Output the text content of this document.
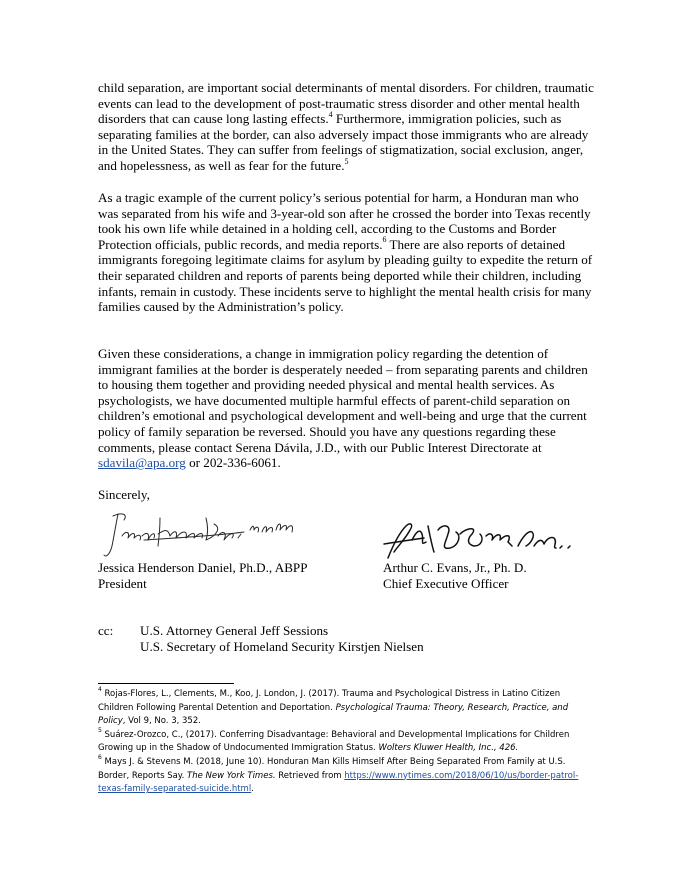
child separation, are important social determinants of mental disorders. For children, traumatic events can lead to the development of post-traumatic stress disorder and other mental health disorders that can cause long lasting effects.$^4$ Furthermore, immigration policies, such as separating families at the border, can also adversely impact those immigrants who are already in the United States. They can suffer from feelings of stigmatization, social exclusion, anger, and hopelessness, as well as fear for the future.$^5$

As a tragic example of the current policy’s serious potential for harm, a Honduran man who was separated from his wife and 3-year-old son after he crossed the border into Texas recently took his own life while detained in a holding cell, according to the Customs and Border Protection officials, public records, and media reports.$^6$ There are also reports of detained immigrants foregoing legitimate claims for asylum by pleading guilty to expedite the return of their separated children and reports of parents being deported while their children, including infants, remain in custody. These incidents serve to highlight the mental health crisis for many families caused by the Administration’s policy.

Given these considerations, a change in immigration policy regarding the detention of immigrant families at the border is desperately needed – from separating parents and children to housing them together and providing needed physical and mental health services. As psychologists, we have documented multiple harmful effects of parent-child separation on children’s emotional and psychological development and well-being and urge that the current policy of family separation be reversed. Should you have any questions regarding these comments, please contact Serena Dávila, J.D., with our Public Interest Directorate at sdavila@apa.org or 202-336-6061.

Sincerely,
Jessica Henderson Daniel, Ph.D., ABPP
President
Arthur C. Evans, Jr., Ph. D.
Chief Executive Officer
cc: U.S. Attorney General Jeff Sessions
U.S. Secretary of Homeland Security Kirstjen Nielsen

$^4$ Rojas-Flores, L., Clements, M., Koo, J. London, J. (2017). Trauma and Psychological Distress in Latino Citizen Children Following Parental Detention and Deportation. Psychological Trauma: Theory, Research, Practice, and Policy, Vol 9, No. 3, 352.

$^5$ Suárez-Orozco, C., (2017). Conferring Disadvantage: Behavioral and Developmental Implications for Children Growing up in the Shadow of Undocumented Immigration Status. Wolters Kluwer Health, Inc., 426.

$^6$ Mays J. & Stevens M. (2018, June 10). Honduran Man Kills Himself After Being Separated From Family at U.S. Border, Reports Say. The New York Times. Retrieved from https://www.nytimes.com/2018/06/10/us/border-patrol-texas-family-separated-suicide.html.
